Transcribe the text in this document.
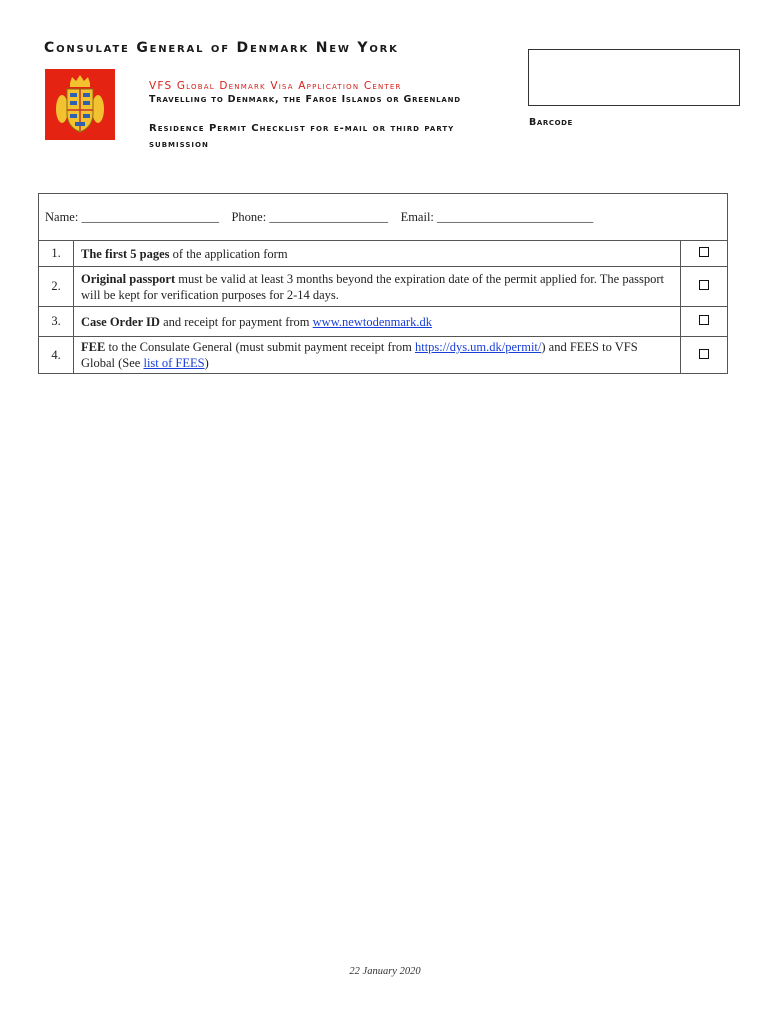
Consulate General of Denmark New York
VFS Global Denmark Visa Application Center
Travelling to Denmark, the Faroe Islands or Greenland
Residence Permit Checklist for e-mail or third party submission
Barcode
Name: ______________________ Phone: ___________________ Email: _________________________		
1.	The first 5 pages of the application form	
2.	Original passport must be valid at least 3 months beyond the expiration date of the permit applied for. The passport will be kept for verification purposes for 2-14 days.	
3.	Case Order ID and receipt for payment from www.newtodenmark.dk	
4.	FEE to the Consulate General (must submit payment receipt from https://dys.um.dk/permit/) and FEES to VFS Global (See list of FEES)	
22 January 2020
